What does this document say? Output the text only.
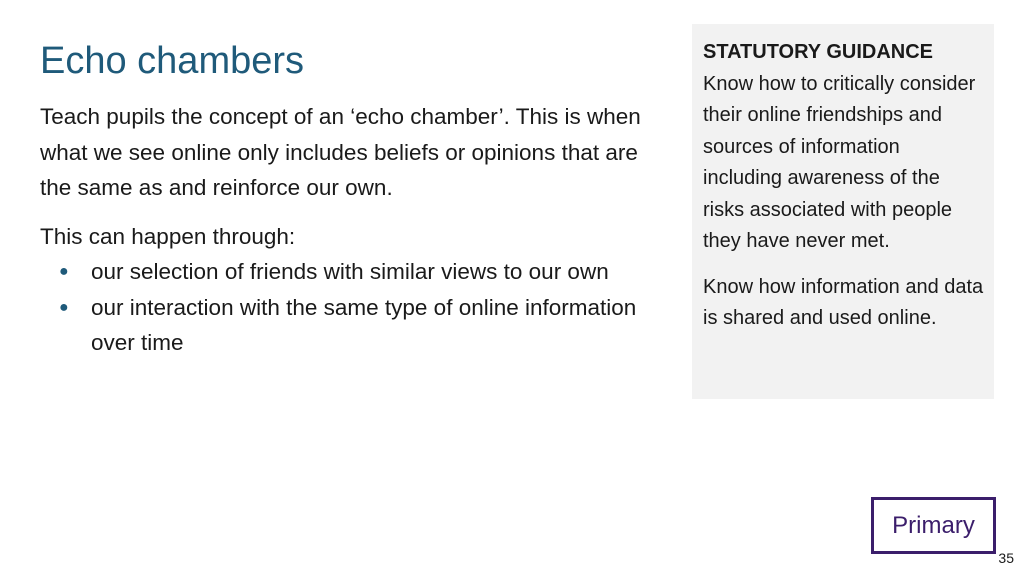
Echo chambers

Teach pupils the concept of an ‘echo chamber’. This is when what we see online only includes beliefs or opinions that are the same as and reinforce our own.

This can happen through:

● our selection of friends with similar views to our own
● our interaction with the same type of online information over time
STATUTORY GUIDANCE

Know how to critically consider their online friendships and sources of information including awareness of the risks associated with people they have never met.

Know how information and data is shared and used online.

Primary
35
